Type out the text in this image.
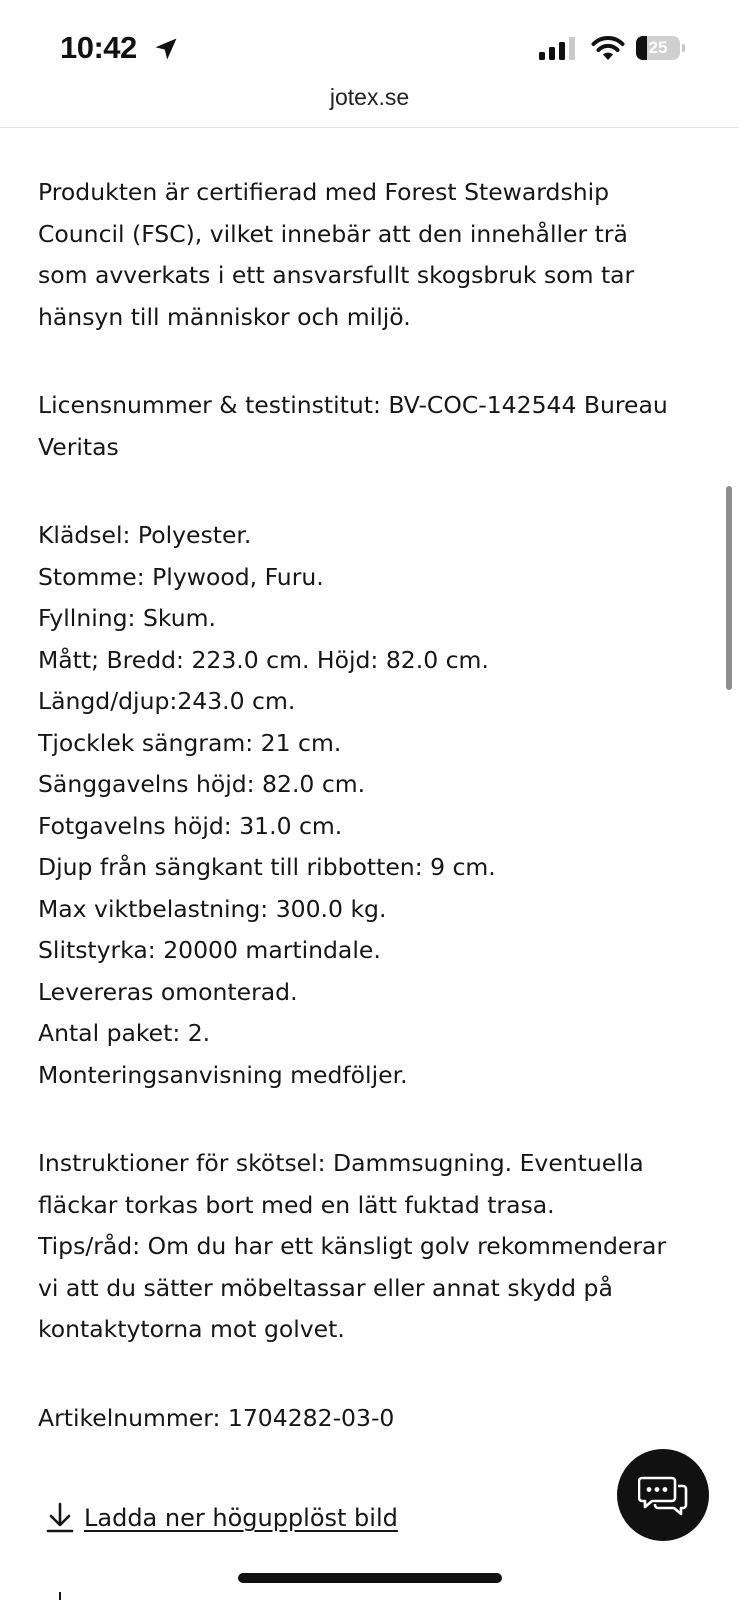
10:42	25
jotex.se

Produkten är certifierad med Forest Stewardship
Council (FSC), vilket innebär att den innehåller trä
som avverkats i ett ansvarsfullt skogsbruk som tar
hänsyn till människor och miljö.

Licensnummer & testinstitut: BV-COC-142544 Bureau
Veritas

Klädsel: Polyester.
Stomme: Plywood, Furu.
Fyllning: Skum.
Mått; Bredd: 223.0 cm. Höjd: 82.0 cm.
Längd/djup:243.0 cm.
Tjocklek sängram: 21 cm.
Sänggavelns höjd: 82.0 cm.
Fotgavelns höjd: 31.0 cm.
Djup från sängkant till ribbotten: 9 cm.
Max viktbelastning: 300.0 kg.
Slitstyrka: 20000 martindale.
Levereras omonterad.
Antal paket: 2.
Monteringsanvisning medföljer.

Instruktioner för skötsel: Dammsugning. Eventuella
fläckar torkas bort med en lätt fuktad trasa.
Tips/råd: Om du har ett känsligt golv rekommenderar
vi att du sätter möbeltassar eller annat skydd på
kontaktytorna mot golvet.

Artikelnummer: 1704282-03-0

Ladda ner högupplöst bild
